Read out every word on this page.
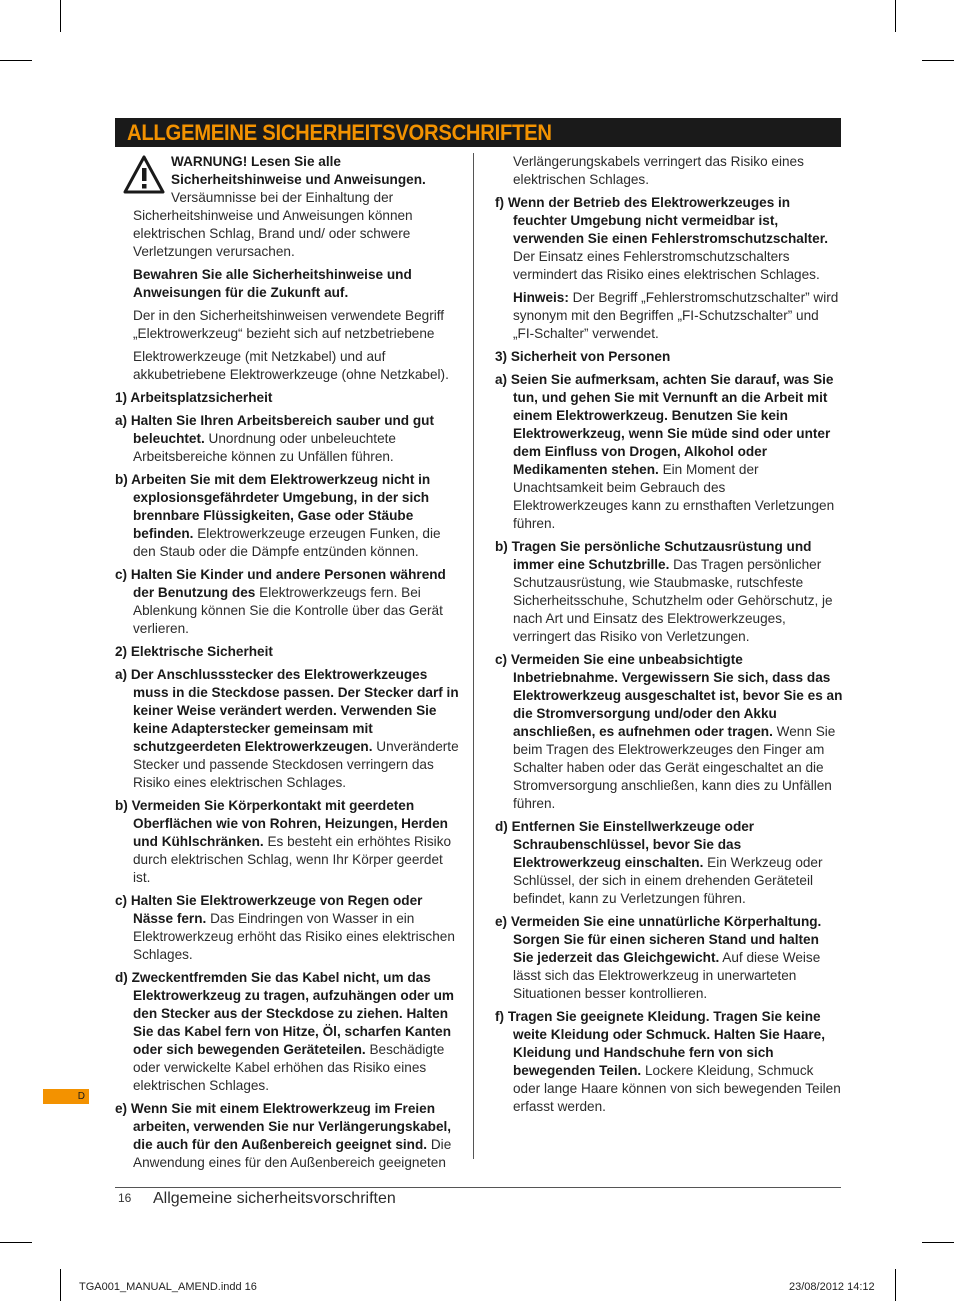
ALLGEMEINE SICHERHEITSVORSCHRIFTEN
WARNUNG! Lesen Sie alle Sicherheitshinweise und Anweisungen. Versäumnisse bei der Einhaltung der Sicherheitshinweise und Anweisungen können elektrischen Schlag, Brand und/ oder schwere Verletzungen verursachen.

Bewahren Sie alle Sicherheitshinweise und Anweisungen für die Zukunft auf.

Der in den Sicherheitshinweisen verwendete Begriff „Elektrowerkzeug“ bezieht sich auf netzbetriebene

Elektrowerkzeuge (mit Netzkabel) und auf akkubetriebene Elektrowerkzeuge (ohne Netzkabel).

1) Arbeitsplatzsicherheit

a) Halten Sie Ihren Arbeitsbereich sauber und gut beleuchtet. Unordnung oder unbeleuchtete Arbeitsbereiche können zu Unfällen führen.

b) Arbeiten Sie mit dem Elektrowerkzeug nicht in explosionsgefährdeter Umgebung, in der sich brennbare Flüssigkeiten, Gase oder Stäube befinden. Elektrowerkzeuge erzeugen Funken, die den Staub oder die Dämpfe entzünden können.

c) Halten Sie Kinder und andere Personen während der Benutzung des Elektrowerkzeugs fern. Bei Ablenkung können Sie die Kontrolle über das Gerät verlieren.

2) Elektrische Sicherheit

a) Der Anschlussstecker des Elektrowerkzeuges muss in die Steckdose passen. Der Stecker darf in keiner Weise verändert werden. Verwenden Sie keine Adapterstecker gemeinsam mit schutzgeerdeten Elektrowerkzeugen. Unveränderte Stecker und passende Steckdosen verringern das Risiko eines elektrischen Schlages.

b) Vermeiden Sie Körperkontakt mit geerdeten Oberflächen wie von Rohren, Heizungen, Herden und Kühlschränken. Es besteht ein erhöhtes Risiko durch elektrischen Schlag, wenn Ihr Körper geerdet ist.

c) Halten Sie Elektrowerkzeuge von Regen oder Nässe fern. Das Eindringen von Wasser in ein Elektrowerkzeug erhöht das Risiko eines elektrischen Schlages.

d) Zweckentfremden Sie das Kabel nicht, um das Elektrowerkzeug zu tragen, aufzuhängen oder um den Stecker aus der Steckdose zu ziehen. Halten Sie das Kabel fern von Hitze, Öl, scharfen Kanten oder sich bewegenden Geräteteilen. Beschädigte oder verwickelte Kabel erhöhen das Risiko eines elektrischen Schlages.

e) Wenn Sie mit einem Elektrowerkzeug im Freien arbeiten, verwenden Sie nur Verlängerungskabel, die auch für den Außenbereich geeignet sind. Die Anwendung eines für den Außenbereich geeigneten

Verlängerungskabels verringert das Risiko eines elektrischen Schlages.

f) Wenn der Betrieb des Elektrowerkzeuges in feuchter Umgebung nicht vermeidbar ist, verwenden Sie einen Fehlerstromschutzschalter. Der Einsatz eines Fehlerstromschutzschalters vermindert das Risiko eines elektrischen Schlages.

Hinweis: Der Begriff „Fehlerstromschutzschalter” wird synonym mit den Begriffen „FI-Schutzschalter” und „FI-Schalter” verwendet.

3) Sicherheit von Personen

a) Seien Sie aufmerksam, achten Sie darauf, was Sie tun, und gehen Sie mit Vernunft an die Arbeit mit einem Elektrowerkzeug. Benutzen Sie kein Elektrowerkzeug, wenn Sie müde sind oder unter dem Einfluss von Drogen, Alkohol oder Medikamenten stehen. Ein Moment der Unachtsamkeit beim Gebrauch des Elektrowerkzeuges kann zu ernsthaften Verletzungen führen.

b) Tragen Sie persönliche Schutzausrüstung und immer eine Schutzbrille. Das Tragen persönlicher Schutzausrüstung, wie Staubmaske, rutschfeste Sicherheitsschuhe, Schutzhelm oder Gehörschutz, je nach Art und Einsatz des Elektrowerkzeuges, verringert das Risiko von Verletzungen.

c) Vermeiden Sie eine unbeabsichtigte Inbetriebnahme. Vergewissern Sie sich, dass das Elektrowerkzeug ausgeschaltet ist, bevor Sie es an die Stromversorgung und/oder den Akku anschließen, es aufnehmen oder tragen. Wenn Sie beim Tragen des Elektrowerkzeuges den Finger am Schalter haben oder das Gerät eingeschaltet an die Stromversorgung anschließen, kann dies zu Unfällen führen.

d) Entfernen Sie Einstellwerkzeuge oder Schraubenschlüssel, bevor Sie das Elektrowerkzeug einschalten. Ein Werkzeug oder Schlüssel, der sich in einem drehenden Geräteteil befindet, kann zu Verletzungen führen.

e) Vermeiden Sie eine unnatürliche Körperhaltung. Sorgen Sie für einen sicheren Stand und halten Sie jederzeit das Gleichgewicht. Auf diese Weise lässt sich das Elektrowerkzeug in unerwarteten Situationen besser kontrollieren.

f) Tragen Sie geeignete Kleidung. Tragen Sie keine weite Kleidung oder Schmuck. Halten Sie Haare, Kleidung und Handschuhe fern von sich bewegenden Teilen. Lockere Kleidung, Schmuck oder lange Haare können von sich bewegenden Teilen erfasst werden.

D
16 Allgemeine sicherheitsvorschriften
TGA001_MANUAL_AMEND.indd 16	23/08/2012 14:12
